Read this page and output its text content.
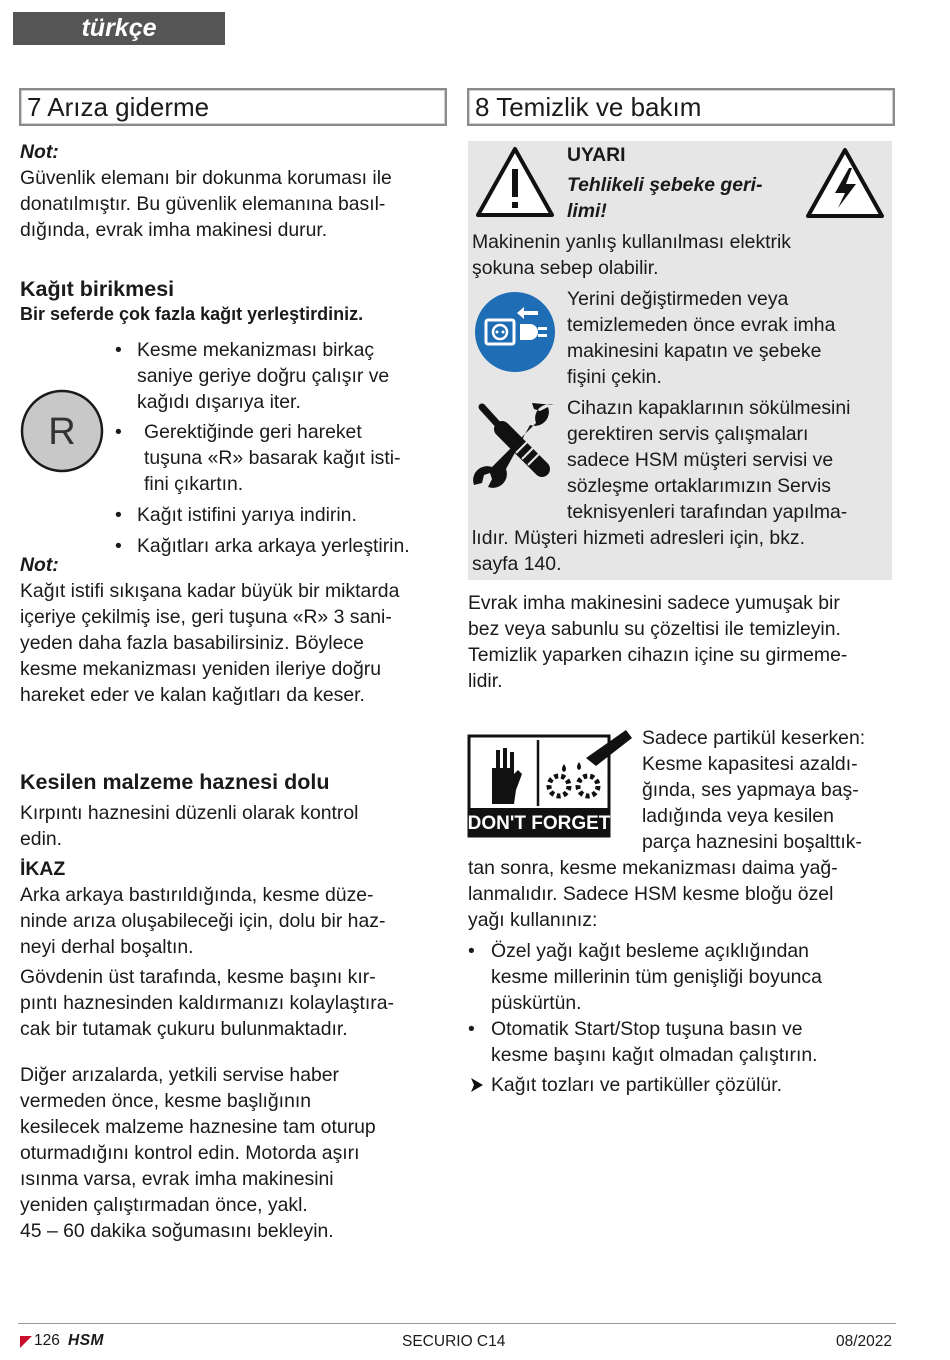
türkçe
7 Arıza giderme
Not:
Güvenlik elemanı bir dokunma koruması ile
donatılmıştır. Bu güvenlik elemanına basıl-
dığında, evrak imha makinesi durur.
Kağıt birikmesi
Bir seferde çok fazla kağıt yerleştirdiniz.
R
• Kesme mekanizması birkaç
saniye geriye doğru çalışır ve
kağıdı dışarıya iter.
• Gerektiğinde geri hareket
tuşuna «R» basarak kağıt isti-
fini çıkartın.
• Kağıt istifini yarıya indirin.
• Kağıtları arka arkaya yerleştirin.
Not:
Kağıt istifi sıkışana kadar büyük bir miktarda
içeriye çekilmiş ise, geri tuşuna «R» 3 sani-
yeden daha fazla basabilirsiniz. Böylece
kesme mekanizması yeniden ileriye doğru
hareket eder ve kalan kağıtları da keser.
Kesilen malzeme haznesi dolu
Kırpıntı haznesini düzenli olarak kontrol
edin.
İKAZ
Arka arkaya bastırıldığında, kesme düze-
ninde arıza oluşabileceği için, dolu bir haz-
neyi derhal boşaltın.
Gövdenin üst tarafında, kesme başını kır-
pıntı haznesinden kaldırmanızı kolaylaştıra-
cak bir tutamak çukuru bulunmaktadır.
Diğer arızalarda, yetkili servise haber
vermeden önce, kesme başlığının
kesilecek malzeme haznesine tam oturup
oturmadığını kontrol edin. Motorda aşırı
ısınma varsa, evrak imha makinesini
yeniden çalıştırmadan önce, yakl.
45 – 60 dakika soğumasını bekleyin.
8 Temizlik ve bakım
UYARI
Tehlikeli şebeke geri-
limi!
Makinenin yanlış kullanılması elektrik
şokuna sebep olabilir.
Yerini değiştirmeden veya
temizlemeden önce evrak imha
makinesini kapatın ve şebeke
fişini çekin.
Cihazın kapaklarının sökülmesini
gerektiren servis çalışmaları
sadece HSM müşteri servisi ve
sözleşme ortaklarımızın Servis
teknisyenleri tarafından yapılma-
lıdır. Müşteri hizmeti adresleri için, bkz.
sayfa 140.
Evrak imha makinesini sadece yumuşak bir
bez veya sabunlu su çözeltisi ile temizleyin.
Temizlik yaparken cihazın içine su girmeme-
lidir.
DON'T FORGET
Sadece partikül keserken:
Kesme kapasitesi azaldı-
ğında, ses yapmaya baş-
ladığında veya kesilen
parça haznesini boşalttık-
tan sonra, kesme mekanizması daima yağ-
lanmalıdır. Sadece HSM kesme bloğu özel
yağı kullanınız:
• Özel yağı kağıt besleme açıklığından
kesme millerinin tüm genişliği boyunca
püskürtün.
• Otomatik Start/Stop tuşuna basın ve
kesme başını kağıt olmadan çalıştırın.
Kağıt tozları ve partiküller çözülür.
126 HSM	SECURIO C14	08/2022
